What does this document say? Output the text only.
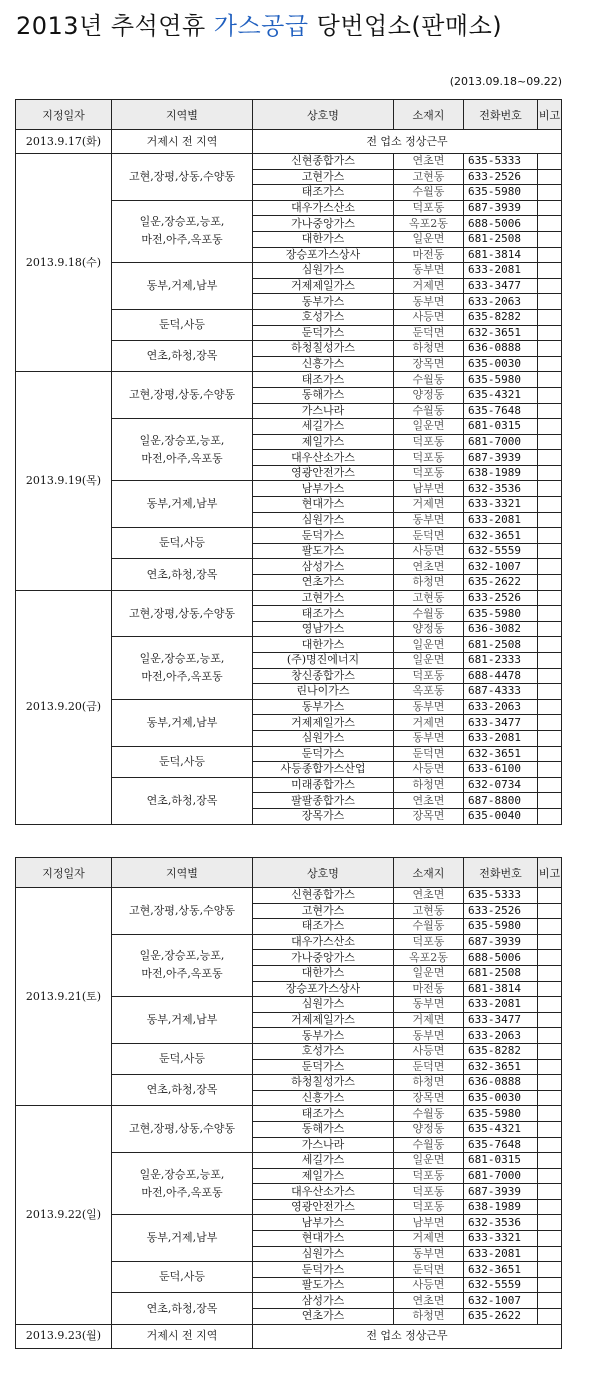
2013년 추석연휴 가스공급 당번업소(판매소)
(2013.09.18~09.22)
지정일자	지역별	상호명	소재지	전화번호	비고
2013.9.17(화)	거제시 전 지역	전 업소 정상근무			
2013.9.18(수)	고현,장평,상동,수양동	신현종합가스	연초면	635-5333	
		고현가스	고현동	633-2526	
		태조가스	수월동	635-5980	
	일운,장승포,능포,
마전,아주,옥포동	대우가스산소	덕포동	687-3939	
		가나중앙가스	옥포2동	688-5006	
		대한가스	일운면	681-2508	
		장승포가스상사	마전동	681-3814	
	동부,거제,남부	심원가스	동부면	633-2081	
		거제제일가스	거제면	633-3477	
		동부가스	동부면	633-2063	
	둔덕,사등	호성가스	사등면	635-8282	
		둔덕가스	둔덕면	632-3651	
	연초,하청,장목	하청칠성가스	하청면	636-0888	
		신흥가스	장목면	635-0030	
2013.9.19(목)	고현,장평,상동,수양동	태조가스	수월동	635-5980	
		동해가스	양정동	635-4321	
		가스나라	수월동	635-7648	
	일운,장승포,능포,
마전,아주,옥포동	세길가스	일운면	681-0315	
		제일가스	덕포동	681-7000	
		대우산소가스	덕포동	687-3939	
		영광안전가스	덕포동	638-1989	
	동부,거제,남부	남부가스	남부면	632-3536	
		현대가스	거제면	633-3321	
		심원가스	동부면	633-2081	
	둔덕,사등	둔덕가스	둔덕면	632-3651	
		팔도가스	사등면	632-5559	
	연초,하청,장목	삼성가스	연초면	632-1007	
		연초가스	하청면	635-2622	
2013.9.20(금)	고현,장평,상동,수양동	고현가스	고현동	633-2526	
		태조가스	수월동	635-5980	
		영남가스	양정동	636-3082	
	일운,장승포,능포,
마전,아주,옥포동	대한가스	일운면	681-2508	
		(주)명진에너지	일운면	681-2333	
		창신종합가스	덕포동	688-4478	
		린나이가스	옥포동	687-4333	
	동부,거제,남부	동부가스	동부면	633-2063	
		거제제일가스	거제면	633-3477	
		심원가스	동부면	633-2081	
	둔덕,사등	둔덕가스	둔덕면	632-3651	
		사등종합가스산업	사등면	633-6100	
	연초,하청,장목	미래종합가스	하청면	632-0734	
		팔팔종합가스	연초면	687-8800	
		장목가스	장목면	635-0040	
지정일자	지역별	상호명	소재지	전화번호	비고
2013.9.21(토)	고현,장평,상동,수양동	신현종합가스	연초면	635-5333	
		고현가스	고현동	633-2526	
		태조가스	수월동	635-5980	
	일운,장승포,능포,
마전,아주,옥포동	대우가스산소	덕포동	687-3939	
		가나중앙가스	옥포2동	688-5006	
		대한가스	일운면	681-2508	
		장승포가스상사	마전동	681-3814	
	동부,거제,남부	심원가스	동부면	633-2081	
		거제제일가스	거제면	633-3477	
		동부가스	동부면	633-2063	
	둔덕,사등	호성가스	사등면	635-8282	
		둔덕가스	둔덕면	632-3651	
	연초,하청,장목	하청칠성가스	하청면	636-0888	
		신흥가스	장목면	635-0030	
2013.9.22(일)	고현,장평,상동,수양동	태조가스	수월동	635-5980	
		동해가스	양정동	635-4321	
		가스나라	수월동	635-7648	
	일운,장승포,능포,
마전,아주,옥포동	세길가스	일운면	681-0315	
		제일가스	덕포동	681-7000	
		대우산소가스	덕포동	687-3939	
		영광안전가스	덕포동	638-1989	
	동부,거제,남부	남부가스	남부면	632-3536	
		현대가스	거제면	633-3321	
		심원가스	동부면	633-2081	
	둔덕,사등	둔덕가스	둔덕면	632-3651	
		팔도가스	사등면	632-5559	
	연초,하청,장목	삼성가스	연초면	632-1007	
		연초가스	하청면	635-2622	
2013.9.23(월)	거제시 전 지역	전 업소 정상근무			
